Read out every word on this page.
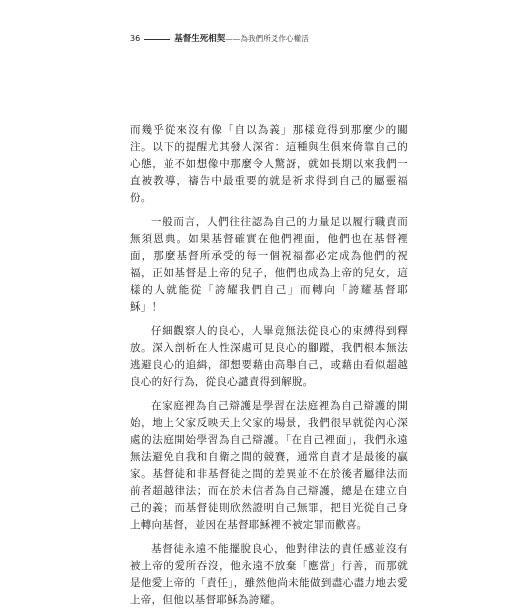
36	基督生死相契 ——為我們所爻作心權活

而幾乎從來沒有像「自以為義」那樣竟得到那麼少的關注。以下的提醒尤其發人深省：這種與生俱來倚靠自己的心態，並不如想像中那麼令人驚訝，就如長期以來我們一直被教導，禱告中最重要的就是祈求得到自己的屬靈福份。

一般而言，人們往往認為自己的力量足以履行職責而無須恩典。如果基督確實在他們裡面，他們也在基督裡面，那麼基督所承受的每一個祝福都必定成為他們的祝福，正如基督是上帝的兒子，他們也成為上帝的兒女，這樣的人就能從「誇耀我們自己」而轉向「誇耀基督耶穌」！

仔細觀察人的良心，人畢竟無法從良心的束縛得到釋放。深入剖析在人性深處可見良心的腳蹤，我們根本無法逃避良心的追緝，卻想要藉由高舉自己，或藉由看似超越良心的好行為，從良心譴責得到解脫。

在家庭裡為自己辯護是學習在法庭裡為自己辯護的開始，地上父家反映天上父家的場景，我們很早就從內心深處的法庭開始學習為自己辯護。「在自己裡面」，我們永遠無法避免自我和自衛之間的競賽，通常自責才是最後的贏家。基督徒和非基督徒之間的差異並不在於後者屬律法而前者超越律法；而在於未信者為自己辯護，總是在建立自己的義；而基督徒則欣然證明自己無罪，把目光從自己身上轉向基督，並因在基督耶穌裡不被定罪而歡喜。

基督徒永遠不能擺脫良心，他對律法的責任感並沒有被上帝的愛所吞沒，他永遠不放棄「應當」行善，而那就是他愛上帝的「責任」，雖然他尚未能做到盡心盡力地去愛上帝，但他以基督耶穌為誇耀。
